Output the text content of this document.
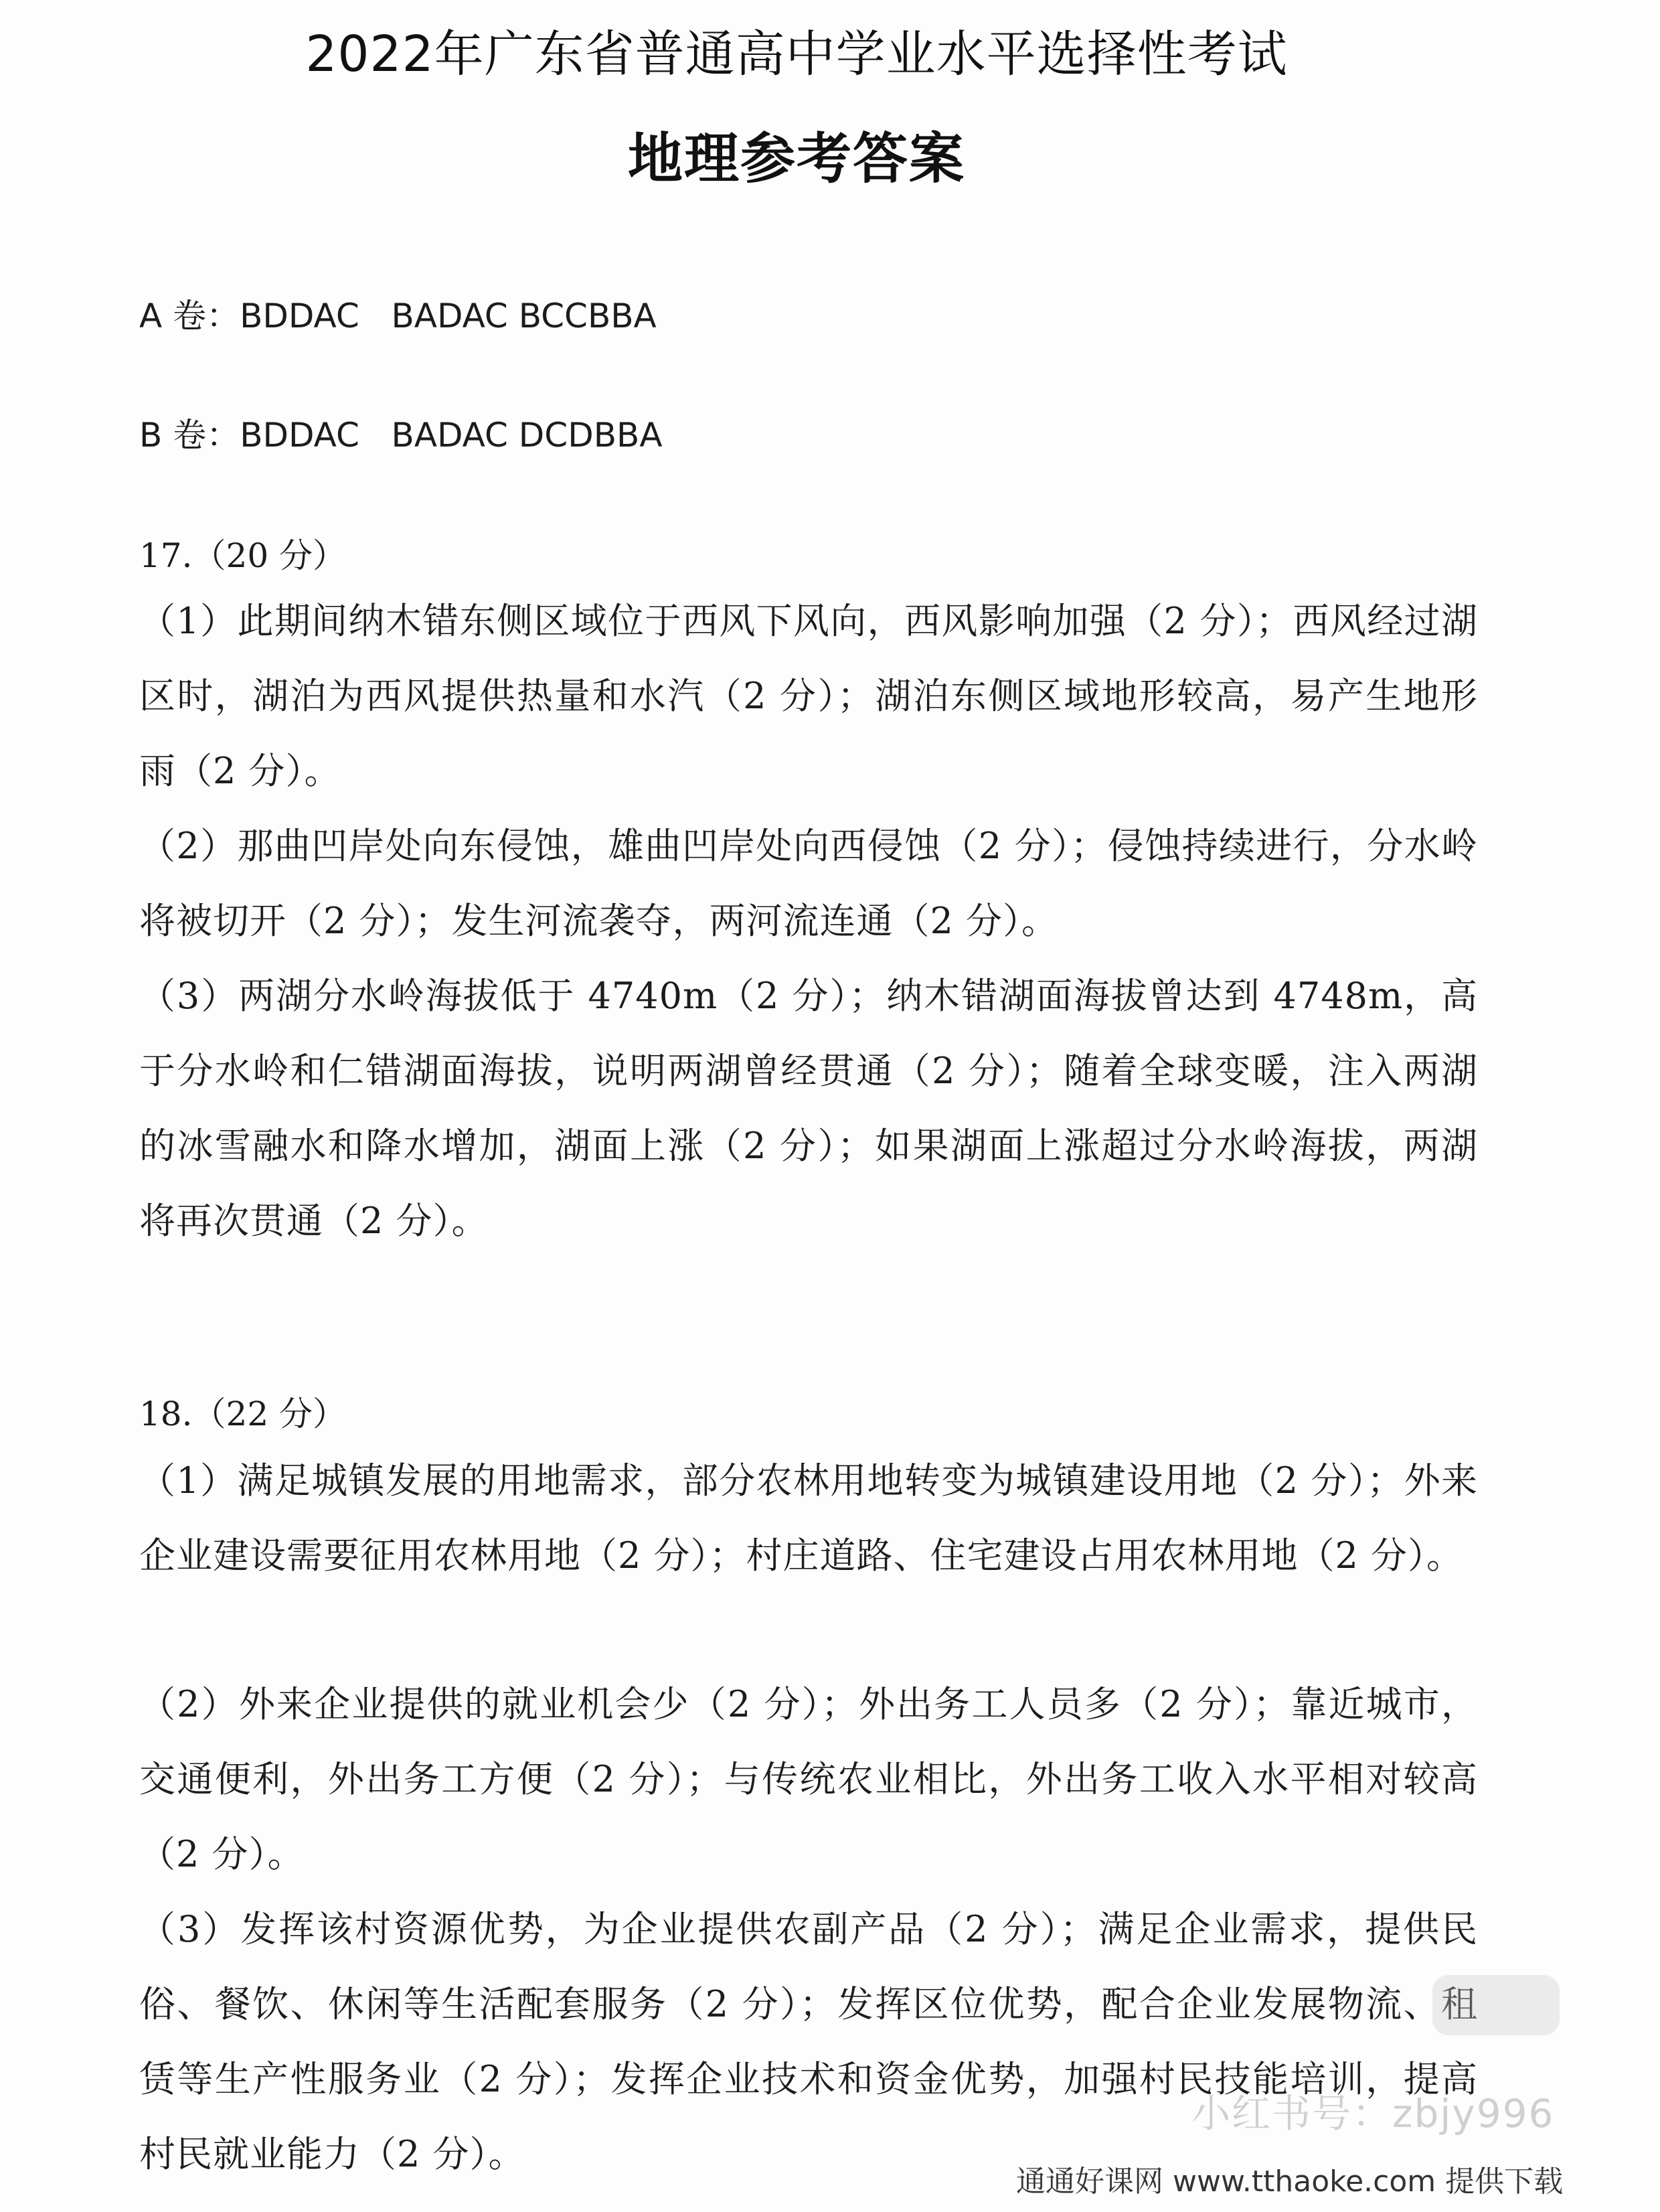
2022年广东省普通高中学业水平选择性考试
地理参考答案
A 卷：BDDAC   BADAC BCCBBA
B 卷：BDDAC   BADAC DCDBBA
17.（20 分）
（1）此期间纳木错东侧区域位于西风下风向，西风影响加强（2 分）；西风经过湖区时，湖泊为西风提供热量和水汽（2 分）；湖泊东侧区域地形较高，易产生地形雨（2 分）。
（2）那曲凹岸处向东侵蚀，雄曲凹岸处向西侵蚀（2 分）；侵蚀持续进行，分水岭将被切开（2 分）；发生河流袭夺，两河流连通（2 分）。
（3）两湖分水岭海拔低于 4740m（2 分）；纳木错湖面海拔曾达到 4748m，高于分水岭和仁错湖面海拔，说明两湖曾经贯通（2 分）；随着全球变暖，注入两湖的冰雪融水和降水增加，湖面上涨（2 分）；如果湖面上涨超过分水岭海拔，两湖将再次贯通（2 分）。
18.（22 分）
（1）满足城镇发展的用地需求，部分农林用地转变为城镇建设用地（2 分）；外来企业建设需要征用农林用地（2 分）；村庄道路、住宅建设占用农林用地（2 分）。
（2）外来企业提供的就业机会少（2 分）；外出务工人员多（2 分）；靠近城市，交通便利，外出务工方便（2 分）；与传统农业相比，外出务工收入水平相对较高（2 分）。
（3）发挥该村资源优势，为企业提供农副产品（2 分）；满足企业需求，提供民俗、餐饮、休闲等生活配套服务（2 分）；发挥区位优势，配合企业发展物流、租赁等生产性服务业（2 分）；发挥企业技术和资金优势，加强村民技能培训，提高村民就业能力（2 分）。
小红书号：zbjy996
通通好课网 www.tthaoke.com 提供下载
